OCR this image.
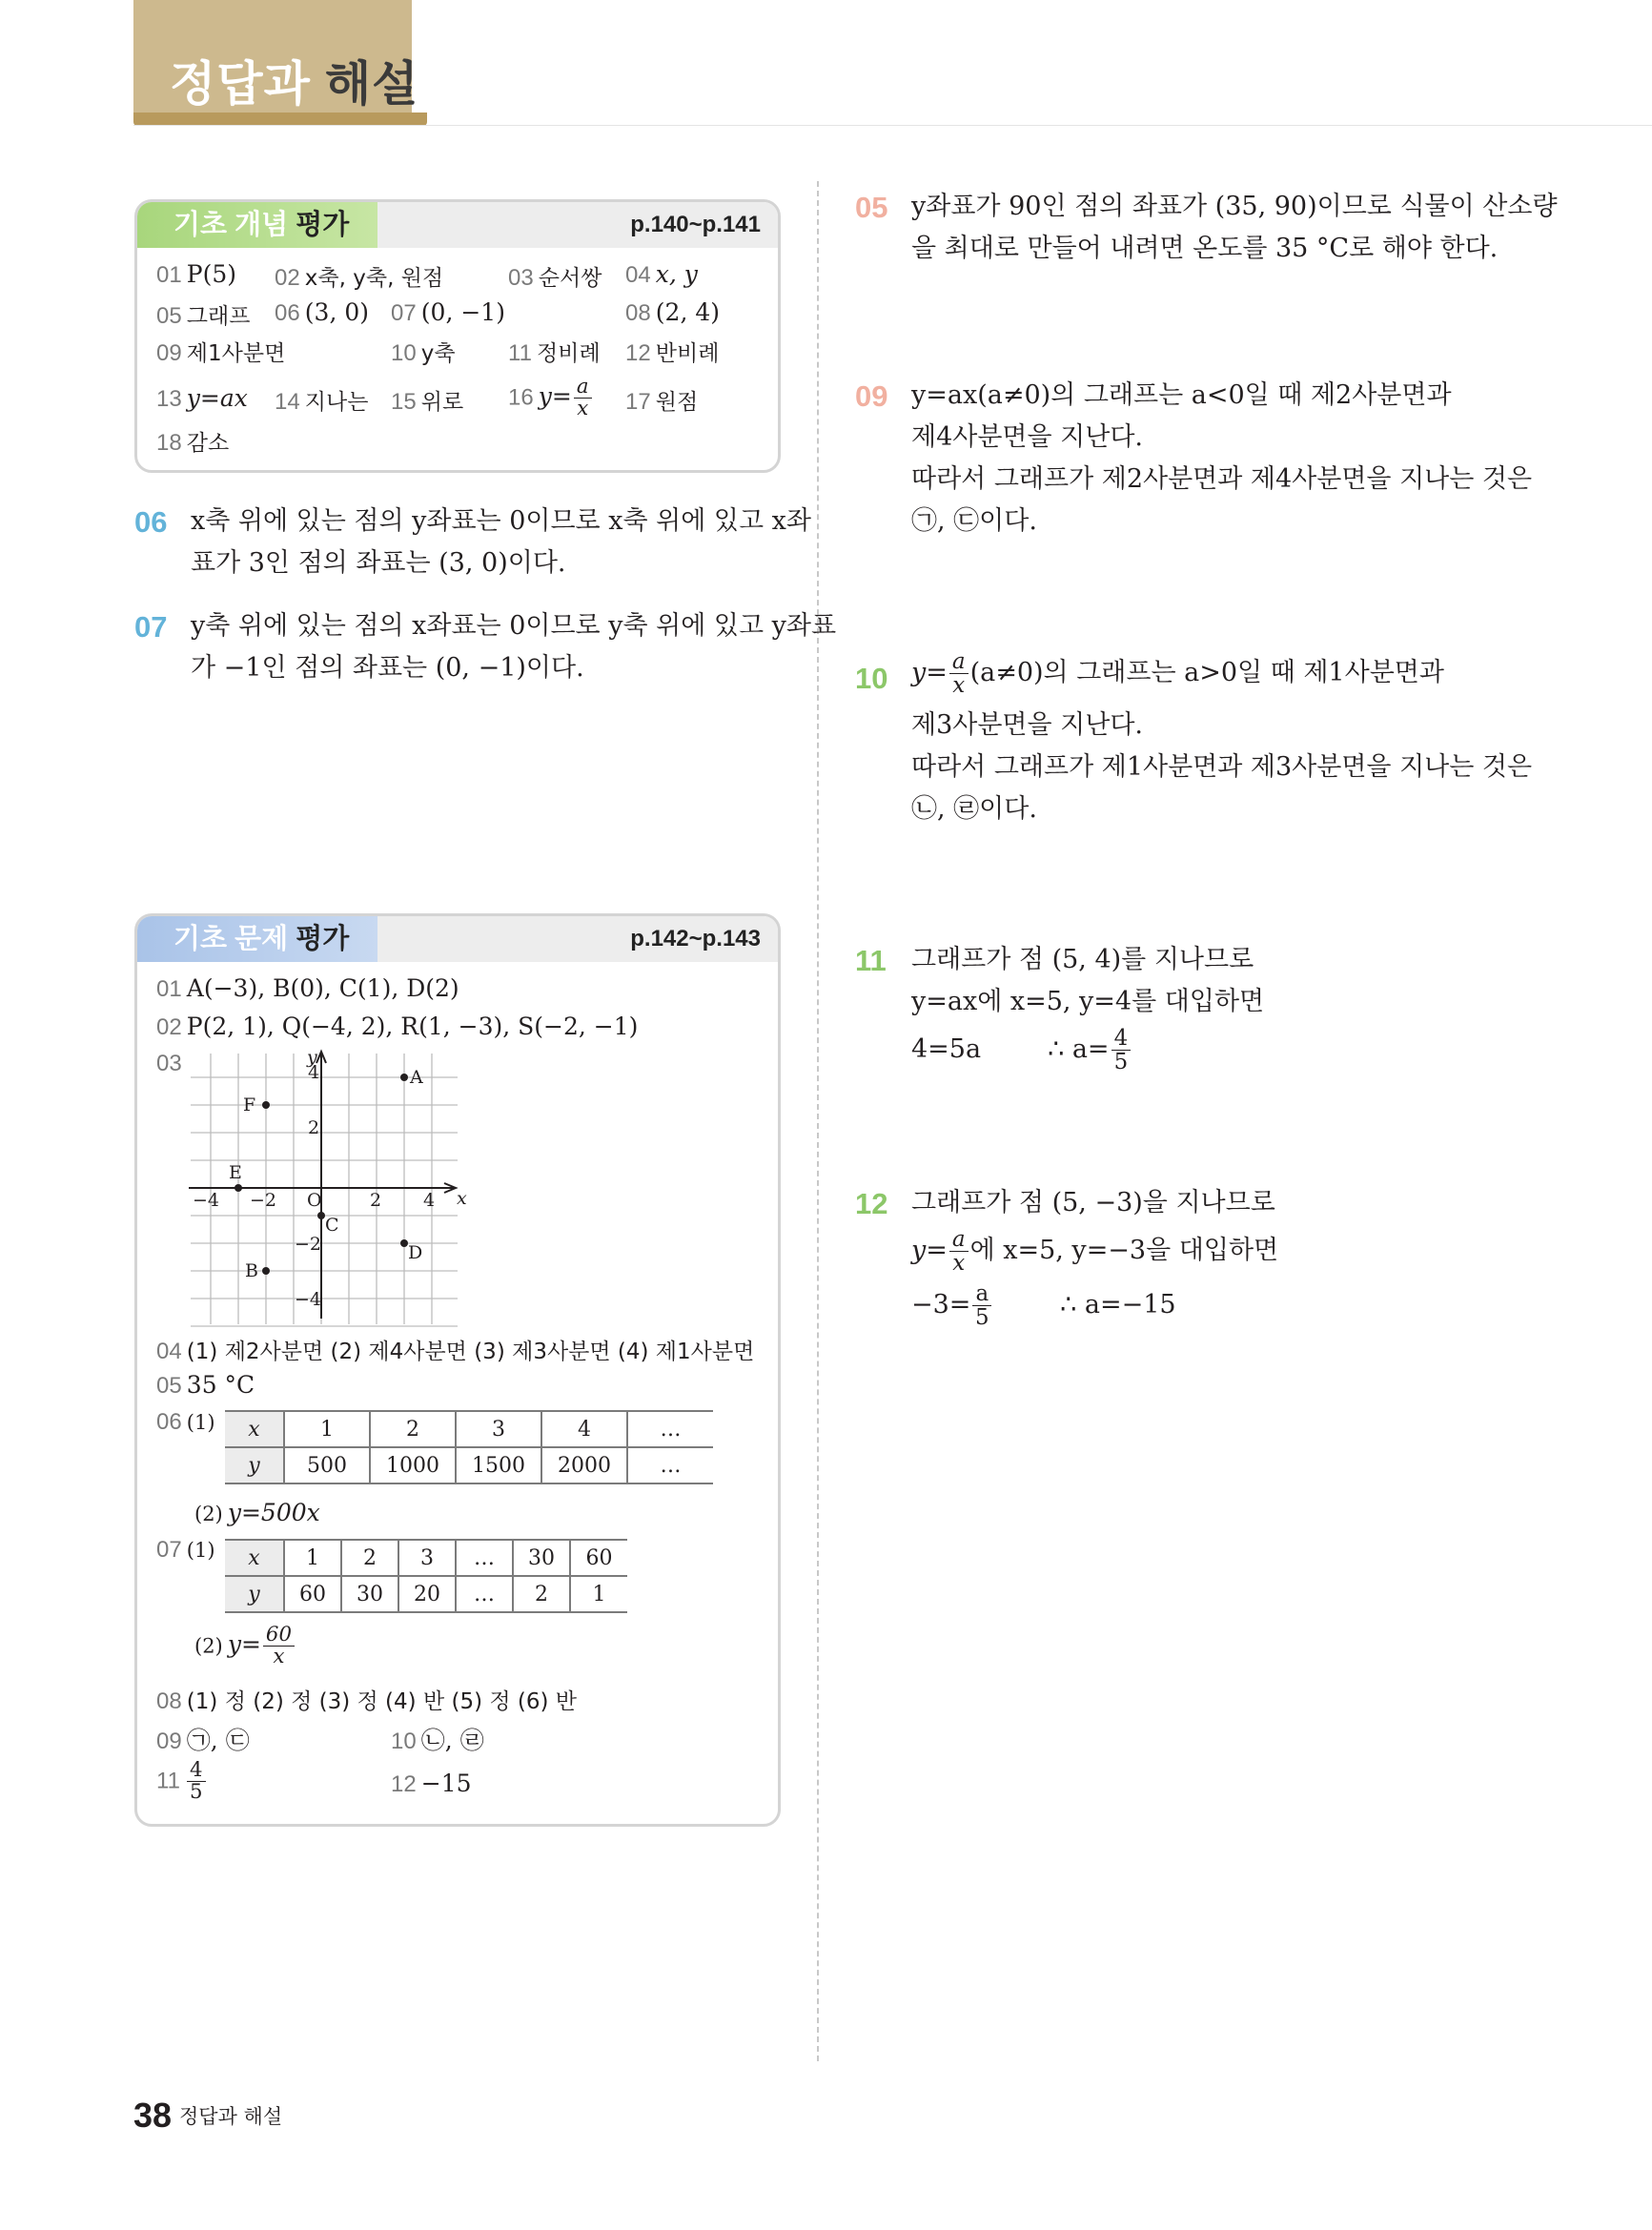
정답과 해설
기초 개념 평가	p.140~p.141
01 P(5) 02 x축, y축, 원점	03 순서쌍 04 x, y
05 그래프 06 (3, 0) 07 (0, −1)	08 (2, 4)
09 제1사분면	10 y축 11 정비례 12 반비례
13 y=ax 14 지나는 15 위로 16 $y= \frac{a}{x} 17$ 원점
18 감소
06 x축 위에 있는 점의 y좌표는 0이므로 x축 위에 있고 x좌
표가 3인 점의 좌표는 (3, 0)이다.
07 y축 위에 있는 점의 x좌표는 0이므로 y축 위에 있고 y좌표
가 −1인 점의 좌표는 (0, −1)이다.
기초 문제 평가	p.142~p.143
01 A(−3), B(0), C(1), D(2)
02 P(2, 1), Q(−4, 2), R(1, −3), S(−2, −1)
03
x
y
O
−4 −2	2 4
4
2
−2
−4
A
B
C
D
E
F
04 (1) 제2사분면 (2) 제4사분면 (3) 제3사분면 (4) 제1사분면
05 35 °C
06 (1) x	1	2	3	4	…
y	500	1000	1500	2000	…
(2) y=500x
07 (1) x	1	2	3	…	30	60
y	60	30	20	…	2	1
(2) $y= \frac{60}{x}$
08 (1) 정 (2) 정 (3) 정 (4) 반 (5) 정 (6) 반
09 ㉠, ㉢	10 ㉡, ㉣
$11 \frac{4}{5}$	12 −15
05 y좌표가 90인 점의 좌표가 (35, 90)이므로 식물이 산소량
을 최대로 만들어 내려면 온도를 35 °C로 해야 한다.
09 y=ax(a≠0)의 그래프는 a<0일 때 제2사분면과
제4사분면을 지난다.
따라서 그래프가 제2사분면과 제4사분면을 지나는 것은
㉠, ㉢이다.
10 $y= \frac{a}{x} (a\ne 0)$의 그래프는 a>0일 때 제1사분면과
제3사분면을 지난다.
따라서 그래프가 제1사분면과 제3사분면을 지나는 것은
㉡, ㉣이다.
11 그래프가 점 (5, 4)를 지나므로
y=ax에 x=5, y=4를 대입하면
4=5a	∴ $a= \frac{4}{5}$
12 그래프가 점 (5, −3)을 지나므로
$y= \frac{a}{x}$ 에 x=5, y=−3을 대입하면
$-3= \frac{a}{5}$	∴ a=−15
38 정답과 해설
